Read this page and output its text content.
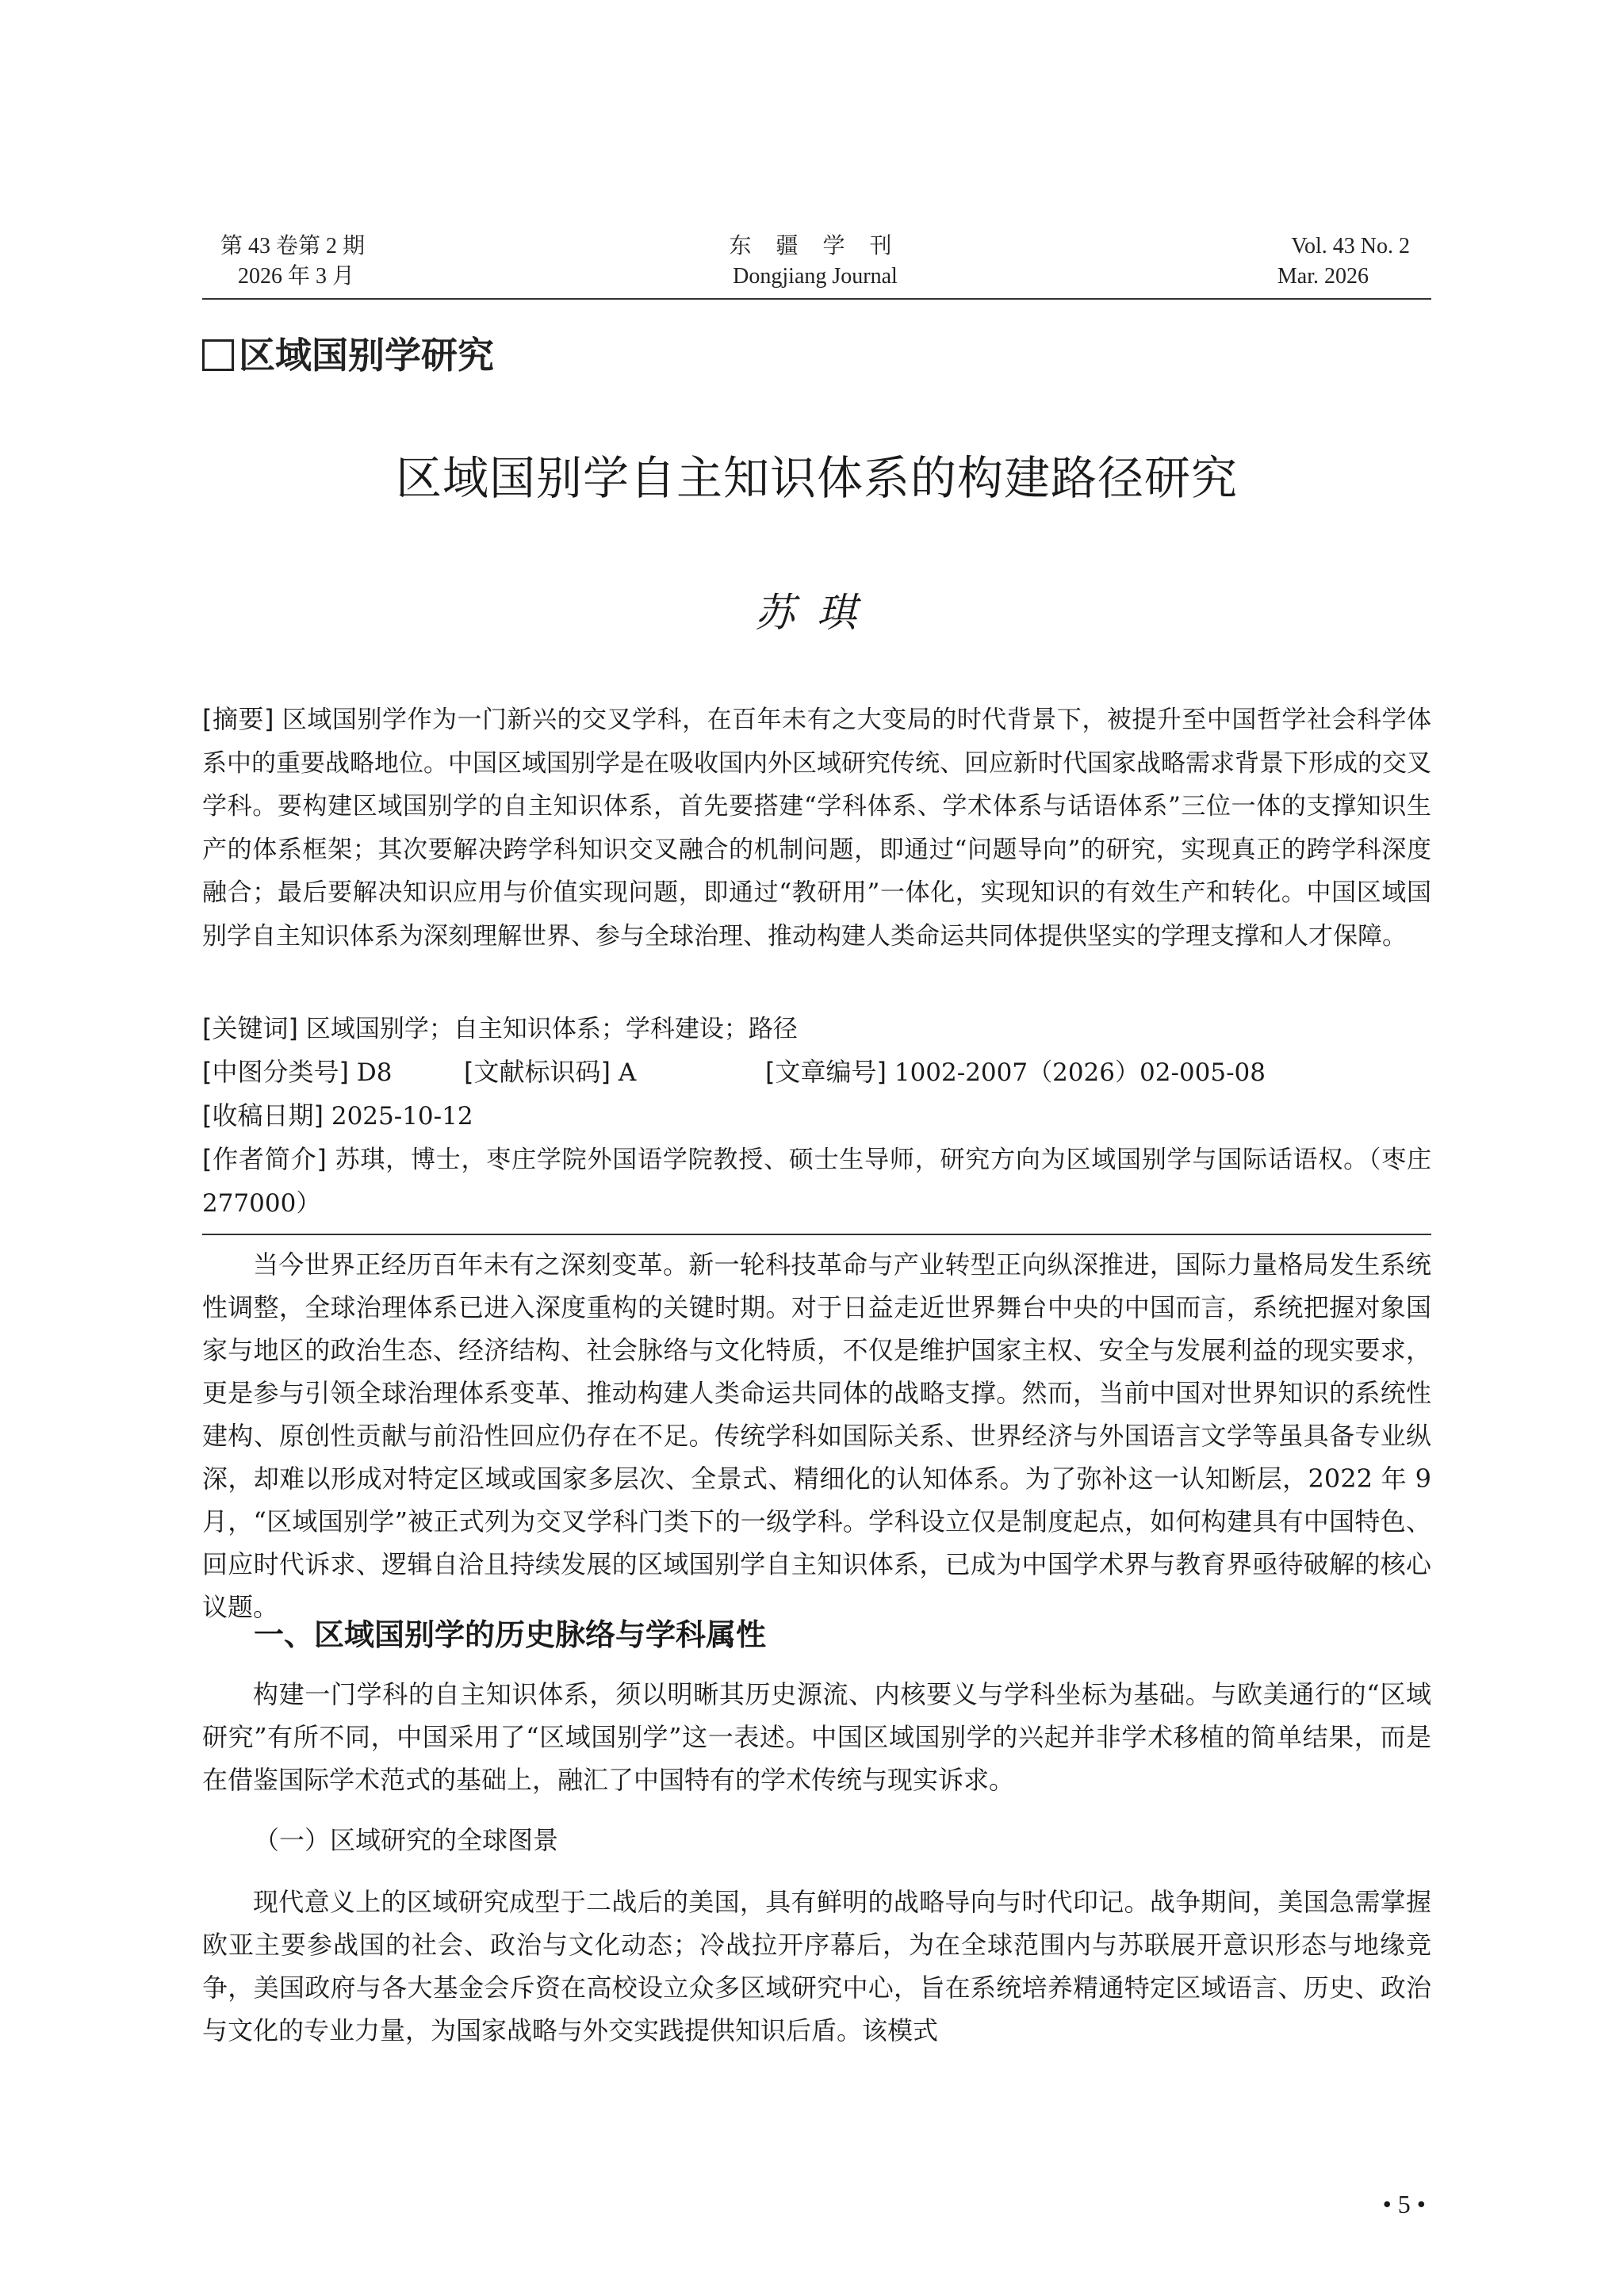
第 43 卷第 2 期
2026 年 3 月
东 疆 学 刊
Dongjiang Journal
Vol. 43 No. 2
Mar. 2026
区域国别学研究
区域国别学自主知识体系的构建路径研究
苏琪
[摘要] 区域国别学作为一门新兴的交叉学科，在百年未有之大变局的时代背景下，被提升至中国哲学社会科学体系中的重要战略地位。中国区域国别学是在吸收国内外区域研究传统、回应新时代国家战略需求背景下形成的交叉学科。要构建区域国别学的自主知识体系，首先要搭建“学科体系、学术体系与话语体系”三位一体的支撑知识生产的体系框架；其次要解决跨学科知识交叉融合的机制问题，即通过“问题导向”的研究，实现真正的跨学科深度融合；最后要解决知识应用与价值实现问题，即通过“教研用”一体化，实现知识的有效生产和转化。中国区域国别学自主知识体系为深刻理解世界、参与全球治理、推动构建人类命运共同体提供坚实的学理支撑和人才保障。
[关键词] 区域国别学；自主知识体系；学科建设；路径
[中图分类号] D8	[文献标识码] A	[文章编号] 1002-2007（2026）02-005-08
[收稿日期] 2025-10-12
[作者简介] 苏琪，博士，枣庄学院外国语学院教授、硕士生导师，研究方向为区域国别学与国际话语权。（枣庄 277000）
当今世界正经历百年未有之深刻变革。新一轮科技革命与产业转型正向纵深推进，国际力量格局发生系统性调整，全球治理体系已进入深度重构的关键时期。对于日益走近世界舞台中央的中国而言，系统把握对象国家与地区的政治生态、经济结构、社会脉络与文化特质，不仅是维护国家主权、安全与发展利益的现实要求，更是参与引领全球治理体系变革、推动构建人类命运共同体的战略支撑。然而，当前中国对世界知识的系统性建构、原创性贡献与前沿性回应仍存在不足。传统学科如国际关系、世界经济与外国语言文学等虽具备专业纵深，却难以形成对特定区域或国家多层次、全景式、精细化的认知体系。为了弥补这一认知断层，2022 年 9 月，“区域国别学”被正式列为交叉学科门类下的一级学科。学科设立仅是制度起点，如何构建具有中国特色、回应时代诉求、逻辑自洽且持续发展的区域国别学自主知识体系，已成为中国学术界与教育界亟待破解的核心议题。
一、区域国别学的历史脉络与学科属性
构建一门学科的自主知识体系，须以明晰其历史源流、内核要义与学科坐标为基础。与欧美通行的“区域研究”有所不同，中国采用了“区域国别学”这一表述。中国区域国别学的兴起并非学术移植的简单结果，而是在借鉴国际学术范式的基础上，融汇了中国特有的学术传统与现实诉求。
（一）区域研究的全球图景
现代意义上的区域研究成型于二战后的美国，具有鲜明的战略导向与时代印记。战争期间，美国急需掌握欧亚主要参战国的社会、政治与文化动态；冷战拉开序幕后，为在全球范围内与苏联展开意识形态与地缘竞争，美国政府与各大基金会斥资在高校设立众多区域研究中心，旨在系统培养精通特定区域语言、历史、政治与文化的专业力量，为国家战略与外交实践提供知识后盾。该模式
• 5 •
